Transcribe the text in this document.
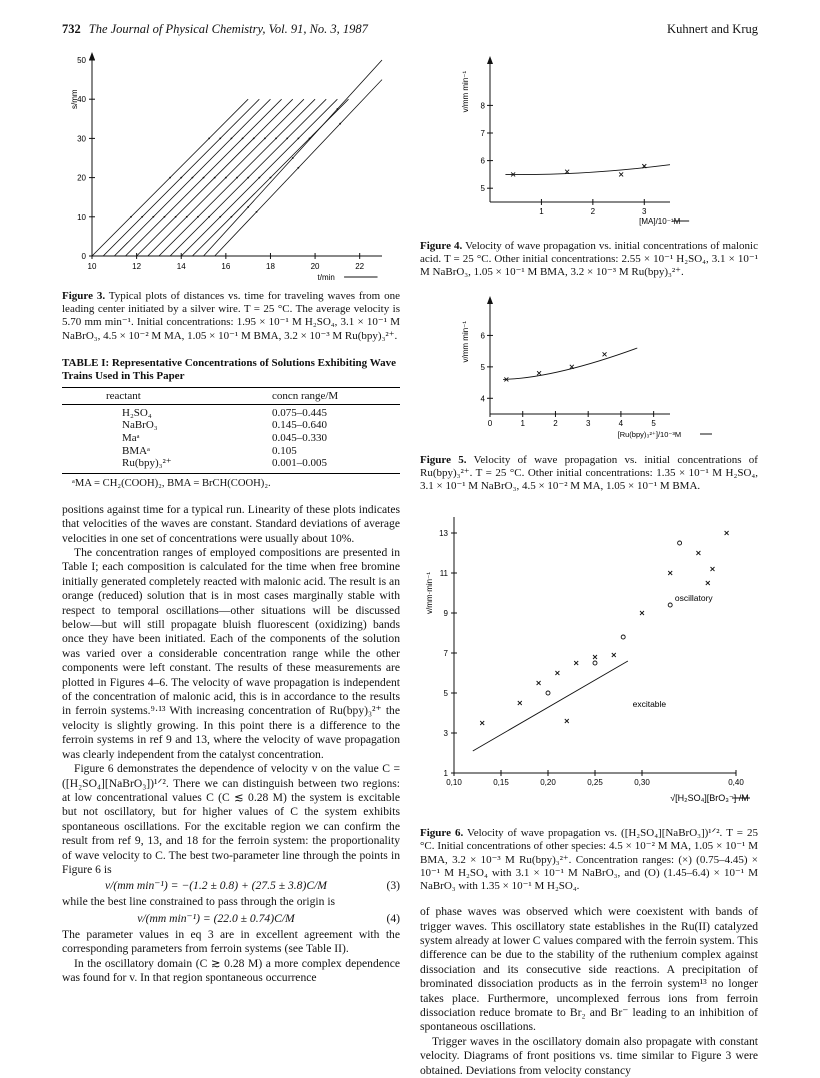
732 The Journal of Physical Chemistry, Vol. 91, No. 3, 1987	Kuhnert and Krug
0
10
20
30
40
50
10	12	14	16	18	20	22
s/mm
t/min

Figure 3. Typical plots of distances vs. time for traveling waves from one leading center initiated by a silver wire. T = 25 °C. The average velocity is 5.70 mm min⁻¹. Initial concentrations: 1.95 × 10⁻¹ M H₂SO₄, 3.1 × 10⁻¹ M NaBrO₃, 4.5 × 10⁻² M MA, 1.05 × 10⁻¹ M BMA, 3.2 × 10⁻³ M Ru(bpy)₃²⁺.

TABLE I: Representative Concentrations of Solutions Exhibiting Wave Trains Used in This Paper

reactant	concn range/M
H₂SO₄	0.075–0.445
NaBrO₃	0.145–0.640
Maᵃ	0.045–0.330
BMAᵃ	0.105
Ru(bpy)₃²⁺	0.001–0.005

ᵃMA = CH₂(COOH)₂, BMA = BrCH(COOH)₂.

positions against time for a typical run. Linearity of these plots indicates that velocities of the waves are constant. Standard deviations of average velocities in one set of concentrations were usually about 10%.

The concentration ranges of employed compositions are presented in Table I; each composition is calculated for the time when free bromine initially generated completely reacted with malonic acid. The result is an orange (reduced) solution that is in most cases marginally stable with respect to temporal oscillations—other situations will be discussed below—but will still propagate bluish fluorescent (oxidizing) bands once they have been initiated. Each of the components of the solution was varied over a considerable concentration range while the other components were left constant. The results of these measurements are plotted in Figures 4–6. The velocity of wave propagation is independent of the concentration of malonic acid, this is in accordance to the results in ferroin systems.⁹·¹³ With increasing concentration of Ru(bpy)₃²⁺ the velocity is slightly growing. In this point there is a difference to the ferroin systems in ref 9 and 13, where the velocity of wave propagation was clearly independent from the catalyst concentration.

Figure 6 demonstrates the dependence of velocity v on the value C = ([H₂SO₄][NaBrO₃])¹ᐟ². There we can distinguish between two regions: at low concentrational values C (C ≲ 0.28 M) the system is excitable but not oscillatory, but for higher values of C the system exhibits spontaneous oscillations. For the excitable region we can confirm the result from ref 9, 13, and 18 for the ferroin system: the proportionality of wave velocity to C. The best two-parameter line through the points in Figure 6 is

v/(mm min⁻¹) = −(1.2 ± 0.8) + (27.5 ± 3.8)C/M	(3)

while the best line constrained to pass through the origin is

v/(mm min⁻¹) = (22.0 ± 0.74)C/M	(4)

The parameter values in eq 3 are in excellent agreement with the corresponding parameters from ferroin systems (see Table II).

In the oscillatory domain (C ≳ 0.28 M) a more complex dependence was found for v. In that region spontaneous occurrence

5
6
7
8
1	2	3
v/mm min⁻¹
[MA]/10⁻¹M

Figure 4. Velocity of wave propagation vs. initial concentrations of malonic acid. T = 25 °C. Other initial concentrations: 2.55 × 10⁻¹ H₂SO₄, 3.1 × 10⁻¹ M NaBrO₃, 1.05 × 10⁻¹ M BMA, 3.2 × 10⁻³ M Ru(bpy)₃²⁺.

4
5
6
0	1	2	3	4	5
v/mm min⁻¹
[Ru(bpy)₃²⁺]/10⁻³M

Figure 5. Velocity of wave propagation vs. initial concentrations of Ru(bpy)₃²⁺. T = 25 °C. Other initial concentrations: 1.35 × 10⁻¹ M H₂SO₄, 3.1 × 10⁻¹ M NaBrO₃, 4.5 × 10⁻² M MA, 1.05 × 10⁻¹ M BMA.

1
3
5
7
9
11
13
0,10	0,15	0,20	0,25	0,30	0,40
v/mm·min⁻¹
√[H₂SO₄][BrO₃⁻] /M
oscillatory
excitable

Figure 6. Velocity of wave propagation vs. ([H₂SO₄][NaBrO₃])¹ᐟ². T = 25 °C. Initial concentrations of other species: 4.5 × 10⁻² M MA, 1.05 × 10⁻¹ M BMA, 3.2 × 10⁻³ M Ru(bpy)₃²⁺. Concentration ranges: (×) (0.75–4.45) × 10⁻¹ M H₂SO₄ with 3.1 × 10⁻¹ M NaBrO₃, and (O) (1.45–6.4) × 10⁻¹ M NaBrO₃ with 1.35 × 10⁻¹ M H₂SO₄.

of phase waves was observed which were coexistent with bands of trigger waves. This oscillatory state establishes in the Ru(II) catalyzed system already at lower C values compared with the ferroin system. This difference can be due to the stability of the ruthenium complex against dissociation and its consecutive side reactions. A precipitation of brominated dissociation products as in the ferroin system¹³ no longer takes place. Furthermore, uncomplexed ferrous ions from ferroin dissociation reduce bromate to Br₂ and Br⁻ leading to an inhibition of spontaneous oscillations.

Trigger waves in the oscillatory domain also propagate with constant velocity. Diagrams of front positions vs. time similar to Figure 3 were obtained. Deviations from velocity constancy
